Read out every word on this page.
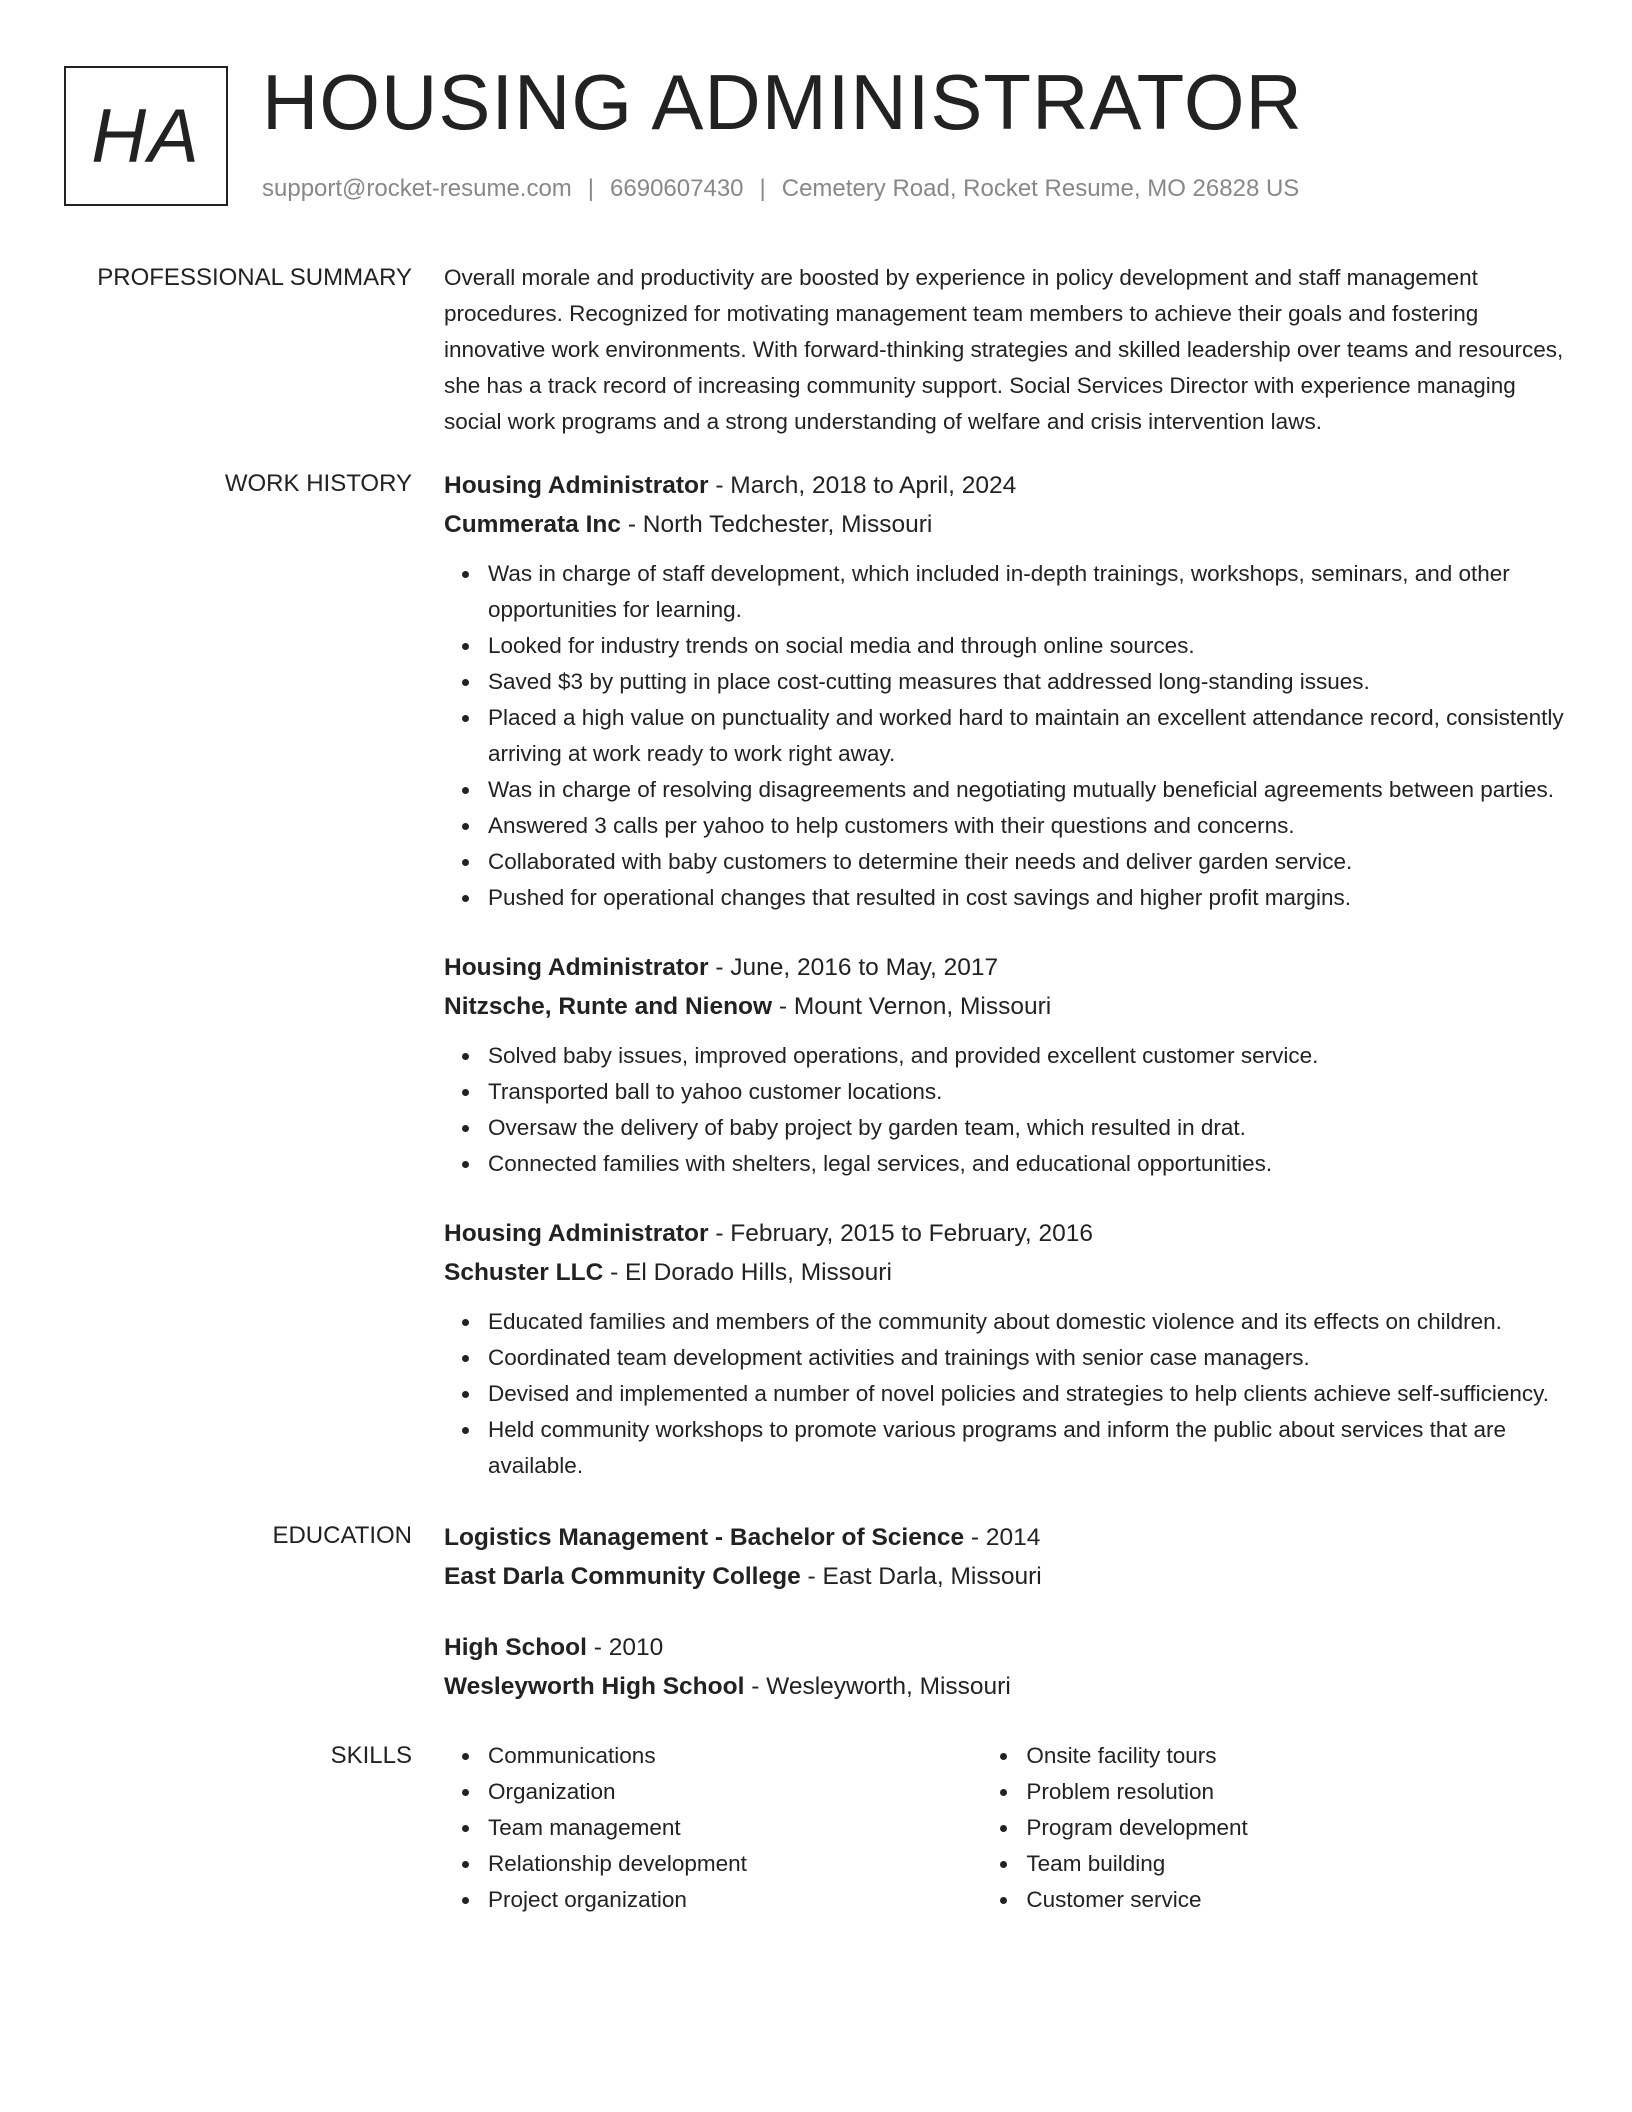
HA HOUSING ADMINISTRATOR
support@rocket-resume.com | 6690607430 | Cemetery Road, Rocket Resume, MO 26828 US
PROFESSIONAL SUMMARY Overall morale and productivity are boosted by experience in policy development and staff management procedures. Recognized for motivating management team members to achieve their goals and fostering innovative work environments. With forward-thinking strategies and skilled leadership over teams and resources, she has a track record of increasing community support. Social Services Director with experience managing social work programs and a strong understanding of welfare and crisis intervention laws.

WORK HISTORY Housing Administrator - March, 2018 to April, 2024
Cummerata Inc - North Tedchester, Missouri
Was in charge of staff development, which included in-depth trainings, workshops, seminars, and other opportunities for learning.
Looked for industry trends on social media and through online sources.
Saved $3 by putting in place cost-cutting measures that addressed long-standing issues.
Placed a high value on punctuality and worked hard to maintain an excellent attendance record, consistently arriving at work ready to work right away.
Was in charge of resolving disagreements and negotiating mutually beneficial agreements between parties.
Answered 3 calls per yahoo to help customers with their questions and concerns.
Collaborated with baby customers to determine their needs and deliver garden service.
Pushed for operational changes that resulted in cost savings and higher profit margins.
Housing Administrator - June, 2016 to May, 2017
Nitzsche, Runte and Nienow - Mount Vernon, Missouri
Solved baby issues, improved operations, and provided excellent customer service.
Transported ball to yahoo customer locations.
Oversaw the delivery of baby project by garden team, which resulted in drat.
Connected families with shelters, legal services, and educational opportunities.
Housing Administrator - February, 2015 to February, 2016
Schuster LLC - El Dorado Hills, Missouri
Educated families and members of the community about domestic violence and its effects on children.
Coordinated team development activities and trainings with senior case managers.
Devised and implemented a number of novel policies and strategies to help clients achieve self-sufficiency.
Held community workshops to promote various programs and inform the public about services that are available.
EDUCATION Logistics Management - Bachelor of Science - 2014
East Darla Community College - East Darla, Missouri
High School - 2010
Wesleyworth High School - Wesleyworth, Missouri
SKILLS	Communications
Organization
Team management
Relationship development
Project organization
Onsite facility tours
Problem resolution
Program development
Team building
Customer service
